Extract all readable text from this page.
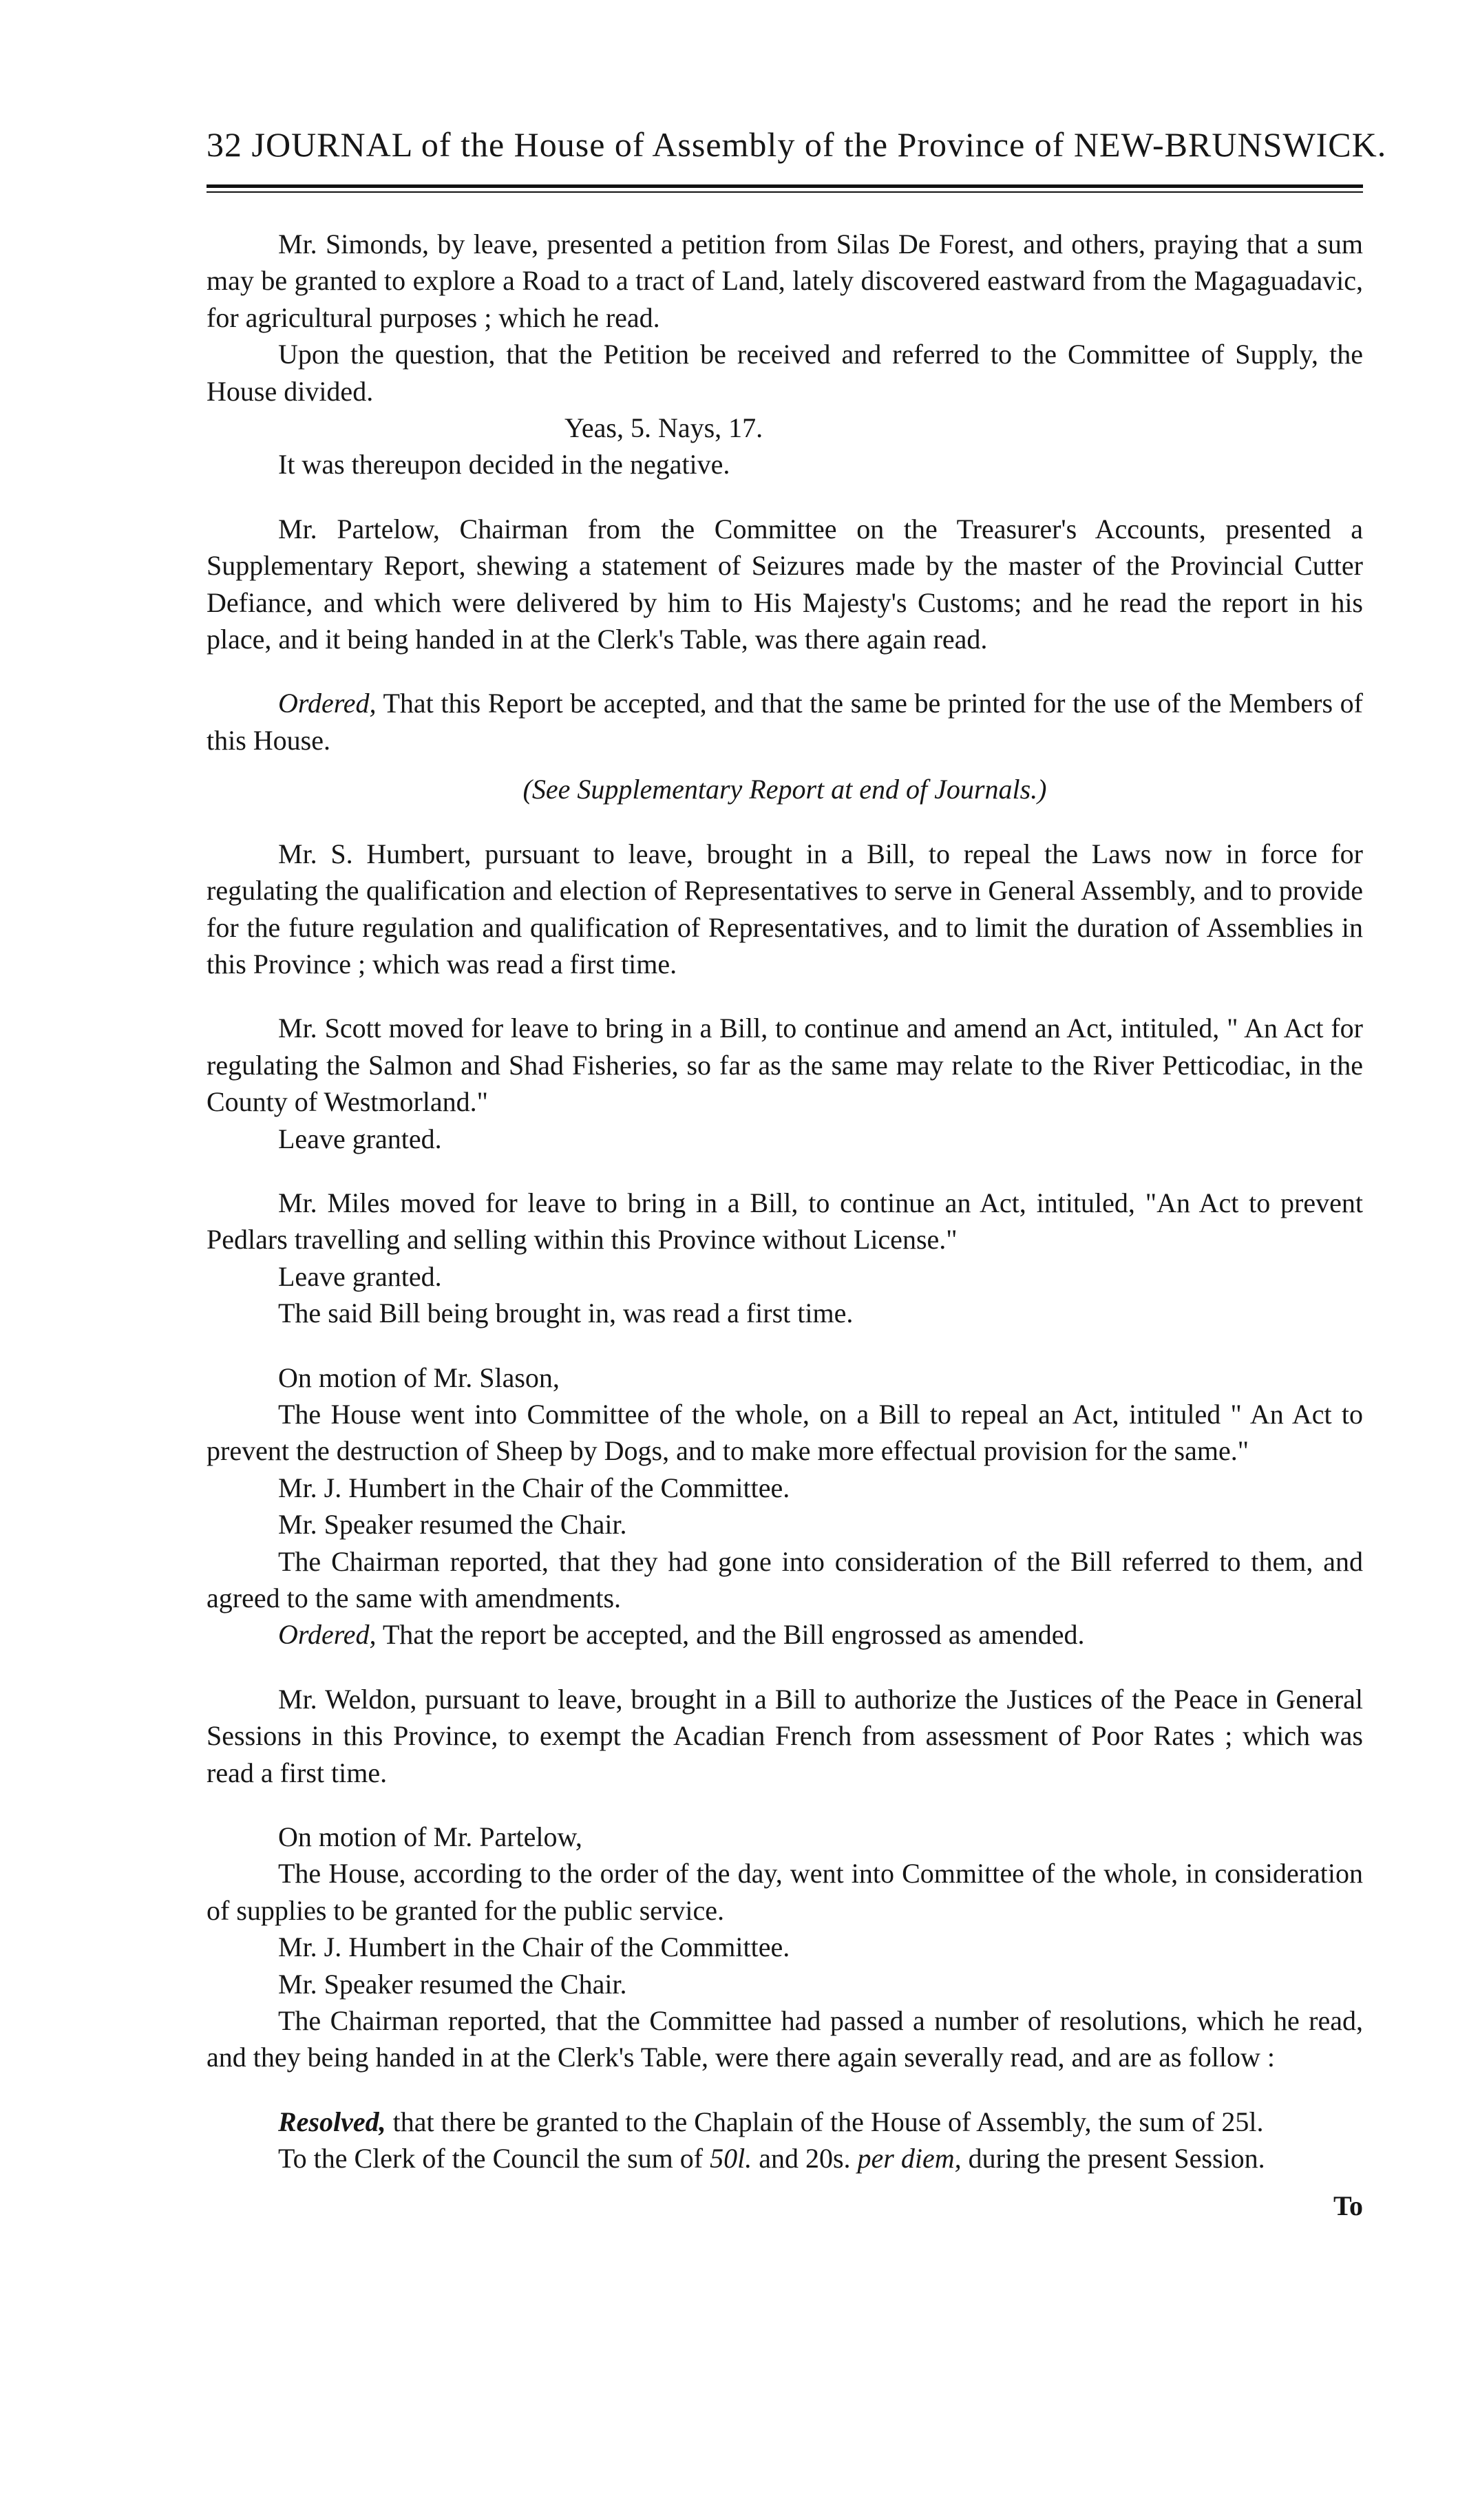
32 JOURNAL of the House of Assembly of the Province of NEW-BRUNSWICK.

Mr. Simonds, by leave, presented a petition from Silas De Forest, and others, praying that a sum may be granted to explore a Road to a tract of Land, lately discovered eastward from the Magaguadavic, for agricultural purposes ; which he read.

Upon the question, that the Petition be received and referred to the Committee of Supply, the House divided.

Yeas, 5. Nays, 17.

It was thereupon decided in the negative.

Mr. Partelow, Chairman from the Committee on the Treasurer's Accounts, presented a Supplementary Report, shewing a statement of Seizures made by the master of the Provincial Cutter Defiance, and which were delivered by him to His Majesty's Customs; and he read the report in his place, and it being handed in at the Clerk's Table, was there again read.

Ordered, That this Report be accepted, and that the same be printed for the use of the Members of this House.

(See Supplementary Report at end of Journals.)

Mr. S. Humbert, pursuant to leave, brought in a Bill, to repeal the Laws now in force for regulating the qualification and election of Representatives to serve in General Assembly, and to provide for the future regulation and qualification of Representatives, and to limit the duration of Assemblies in this Province ; which was read a first time.

Mr. Scott moved for leave to bring in a Bill, to continue and amend an Act, intituled, " An Act for regulating the Salmon and Shad Fisheries, so far as the same may relate to the River Petticodiac, in the County of Westmorland."

Leave granted.

Mr. Miles moved for leave to bring in a Bill, to continue an Act, intituled, "An Act to prevent Pedlars travelling and selling within this Province without License."

Leave granted.

The said Bill being brought in, was read a first time.

On motion of Mr. Slason,

The House went into Committee of the whole, on a Bill to repeal an Act, intituled " An Act to prevent the destruction of Sheep by Dogs, and to make more effectual provision for the same."

Mr. J. Humbert in the Chair of the Committee.

Mr. Speaker resumed the Chair.

The Chairman reported, that they had gone into consideration of the Bill referred to them, and agreed to the same with amendments.

Ordered, That the report be accepted, and the Bill engrossed as amended.

Mr. Weldon, pursuant to leave, brought in a Bill to authorize the Justices of the Peace in General Sessions in this Province, to exempt the Acadian French from assessment of Poor Rates ; which was read a first time.

On motion of Mr. Partelow,

The House, according to the order of the day, went into Committee of the whole, in consideration of supplies to be granted for the public service.

Mr. J. Humbert in the Chair of the Committee.

Mr. Speaker resumed the Chair.

The Chairman reported, that the Committee had passed a number of resolutions, which he read, and they being handed in at the Clerk's Table, were there again severally read, and are as follow :

Resolved, that there be granted to the Chaplain of the House of Assembly, the sum of 25l.

To the Clerk of the Council the sum of 50l. and 20s. per diem, during the present Session.

To
